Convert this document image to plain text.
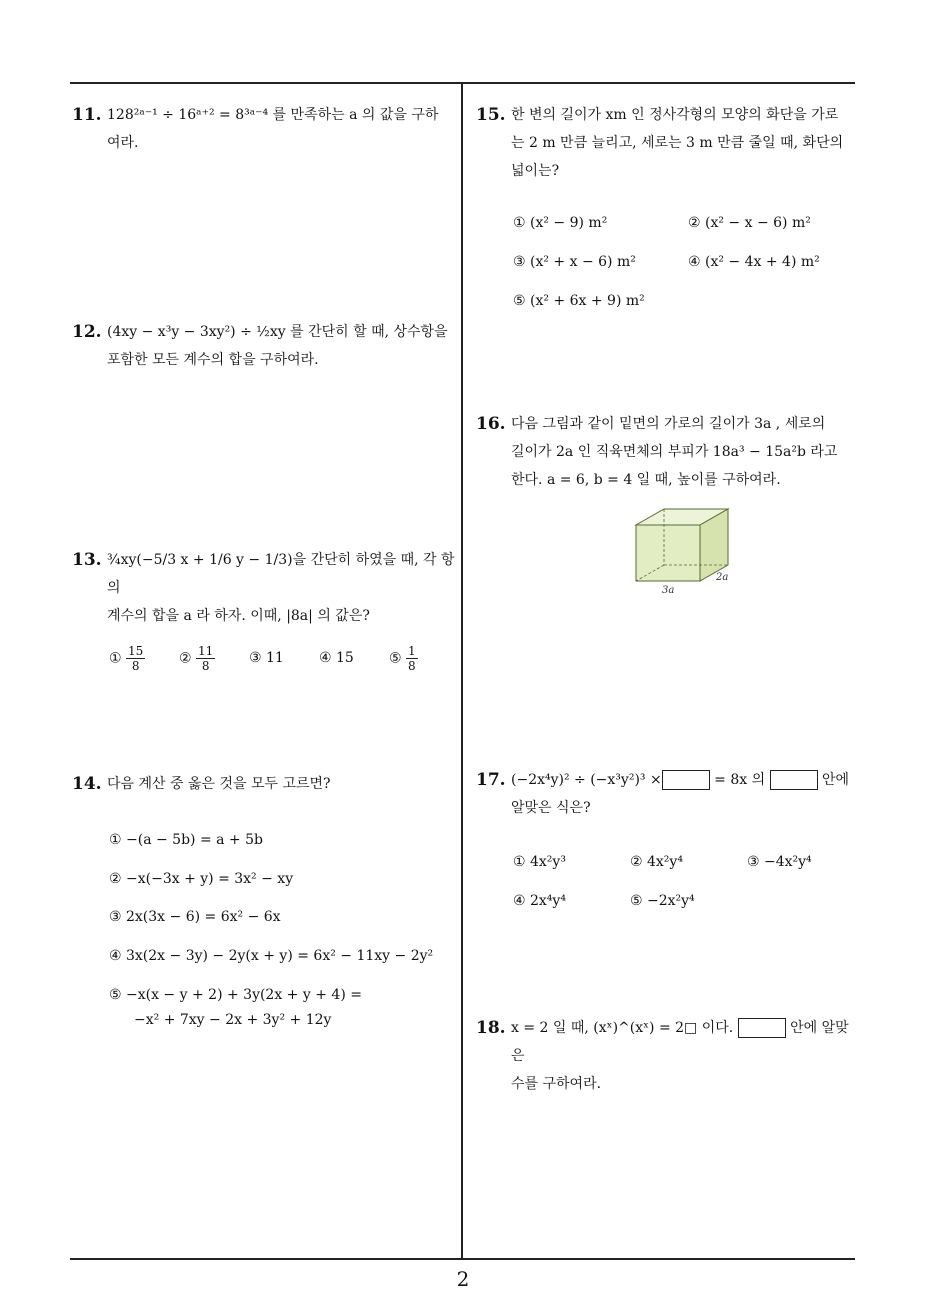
11. 128²ᵃ⁻¹ ÷ 16ᵃ⁺² = 8³ᵃ⁻⁴ 를 만족하는 a 의 값을 구하
여라.
12. (4xy − x³y − 3xy²) ÷ ½xy 를 간단히 할 때, 상수항을
포함한 모든 계수의 합을 구하여라.
13. ¾xy(−5/3 x + 1/6 y − 1/3)을 간단히 하였을 때, 각 항의
계수의 합을 a 라 하자. 이때, |8a| 의 값은?
① $\frac{15}{8}$ ② $\frac{11}{8}$ ③ 11	④ 15	⑤ $\frac{1}{8}$
14. 다음 계산 중 옳은 것을 모두 고르면?
① −(a − 5b) = a + 5b
② −x(−3x + y) = 3x² − xy
③ 2x(3x − 6) = 6x² − 6x
④ 3x(2x − 3y) − 2y(x + y) = 6x² − 11xy − 2y²
⑤ −x(x − y + 2) + 3y(2x + y + 4) =
−x² + 7xy − 2x + 3y² + 12y
15. 한 변의 길이가 xm 인 정사각형의 모양의 화단을 가로
는 2 m 만큼 늘리고, 세로는 3 m 만큼 줄일 때, 화단의
넓이는?
① (x² − 9) m²	② (x² − x − 6) m²
③ (x² + x − 6) m²	④ (x² − 4x + 4) m²
⑤ (x² + 6x + 9) m²
16. 다음 그림과 같이 밑면의 가로의 길이가 3a , 세로의
길이가 2a 인 직육면체의 부피가 18a³ − 15a²b 라고
한다. a = 6, b = 4 일 때, 높이를 구하여라.
3a
2a
17. (−2x⁴y)² ÷ (−x³y²)³ ×	= 8x 의	안에
알맞은 식은?
① 4x²y³	② 4x²y⁴	③ −4x²y⁴
④ 2x⁴y⁴	⑤ −2x²y⁴
18. x = 2 일 때, (xˣ)^(xˣ) = 2□ 이다.	안에 알맞은
수를 구하여라.
2
